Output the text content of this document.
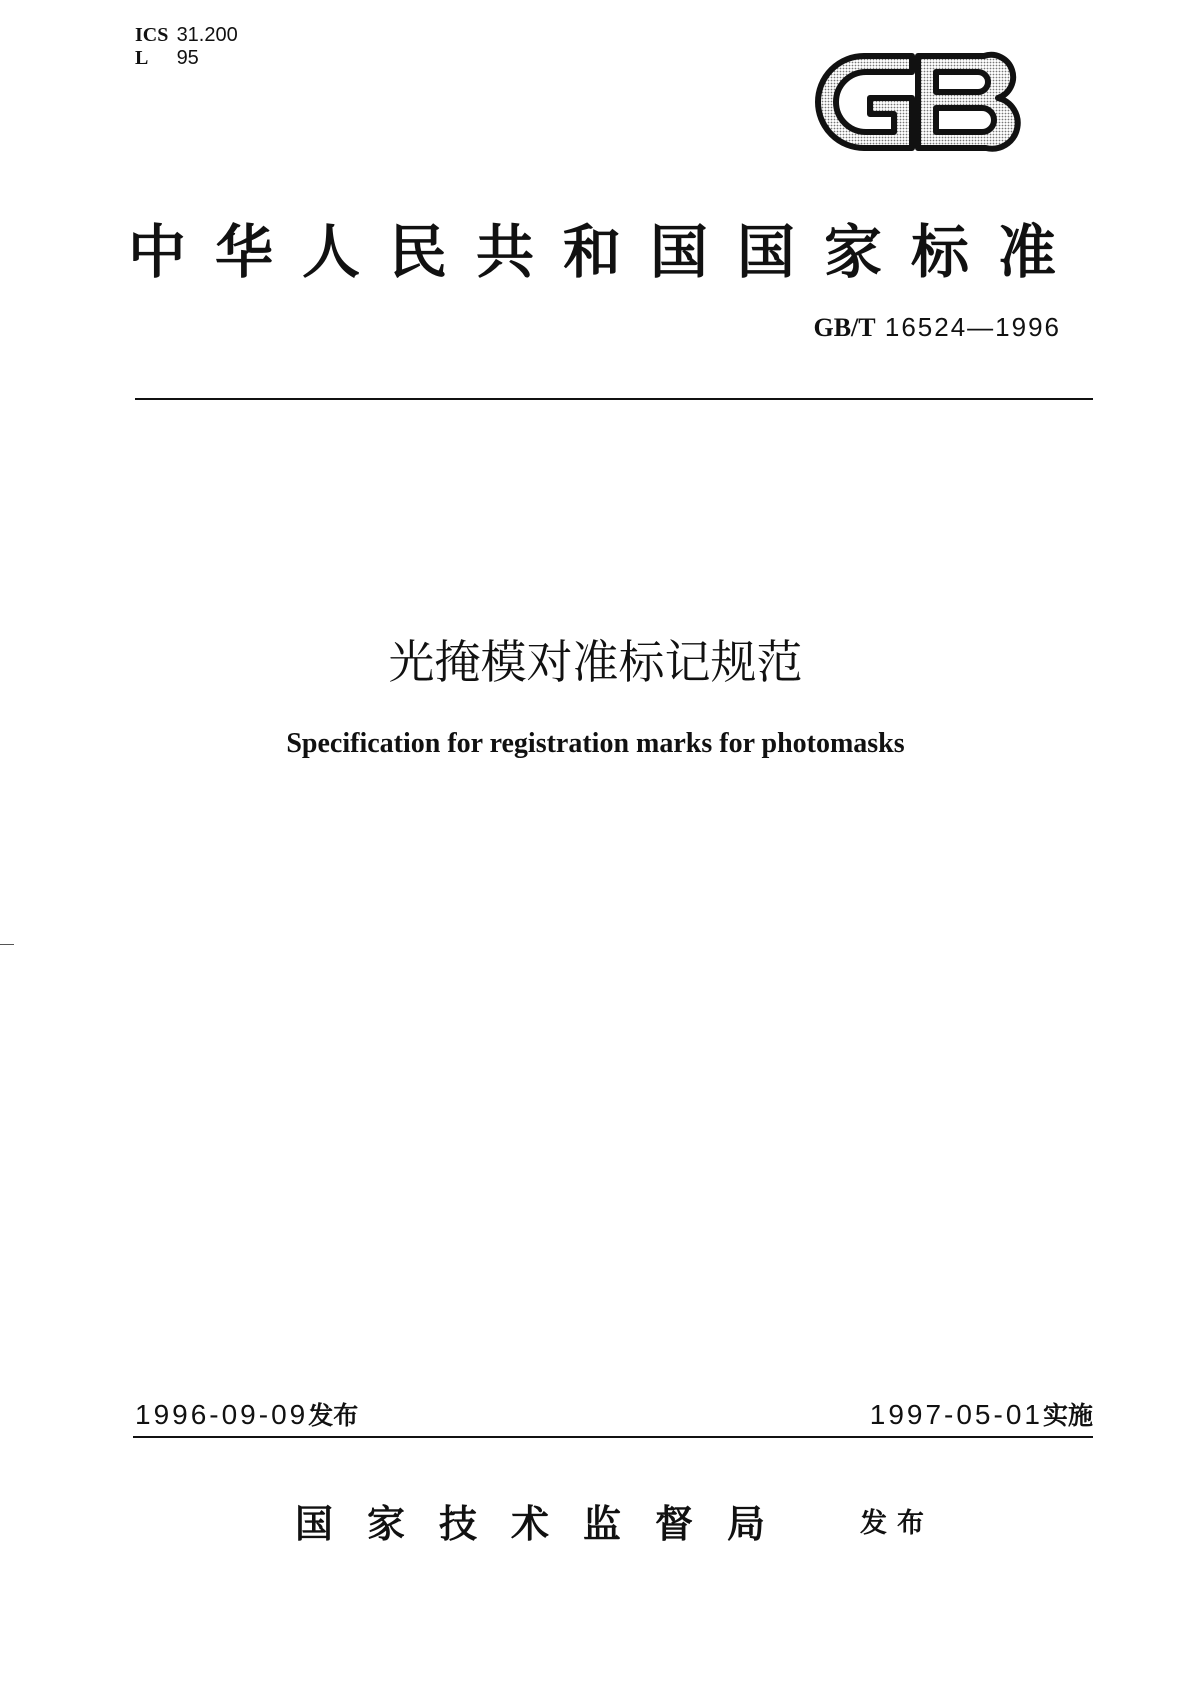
ICS 31.200
L 95
中华人民共和国国家标准
GB/T 16524—1996
光掩模对准标记规范
Specification for registration marks for photomasks
1996-09-09发布	1997-05-01实施
国家技术监督局 发布
